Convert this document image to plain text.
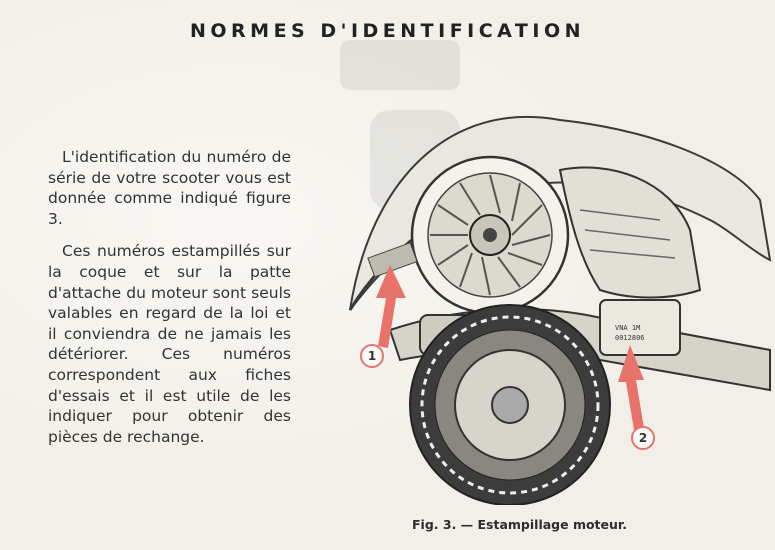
NORMES D'IDENTIFICATION

L'identification du numéro de série de votre scooter vous est donnée comme indiqué figure 3.

Ces numéros estampillés sur la coque et sur la patte d'attache du moteur sont seuls valables en regard de la loi et il conviendra de ne jamais les détériorer. Ces numéros correspondent aux fiches d'essais et il est utile de les indiquer pour obtenir des pièces de rechange.

VNA 1M
0012806
1
2
Fig. 3. — Estampillage moteur.
